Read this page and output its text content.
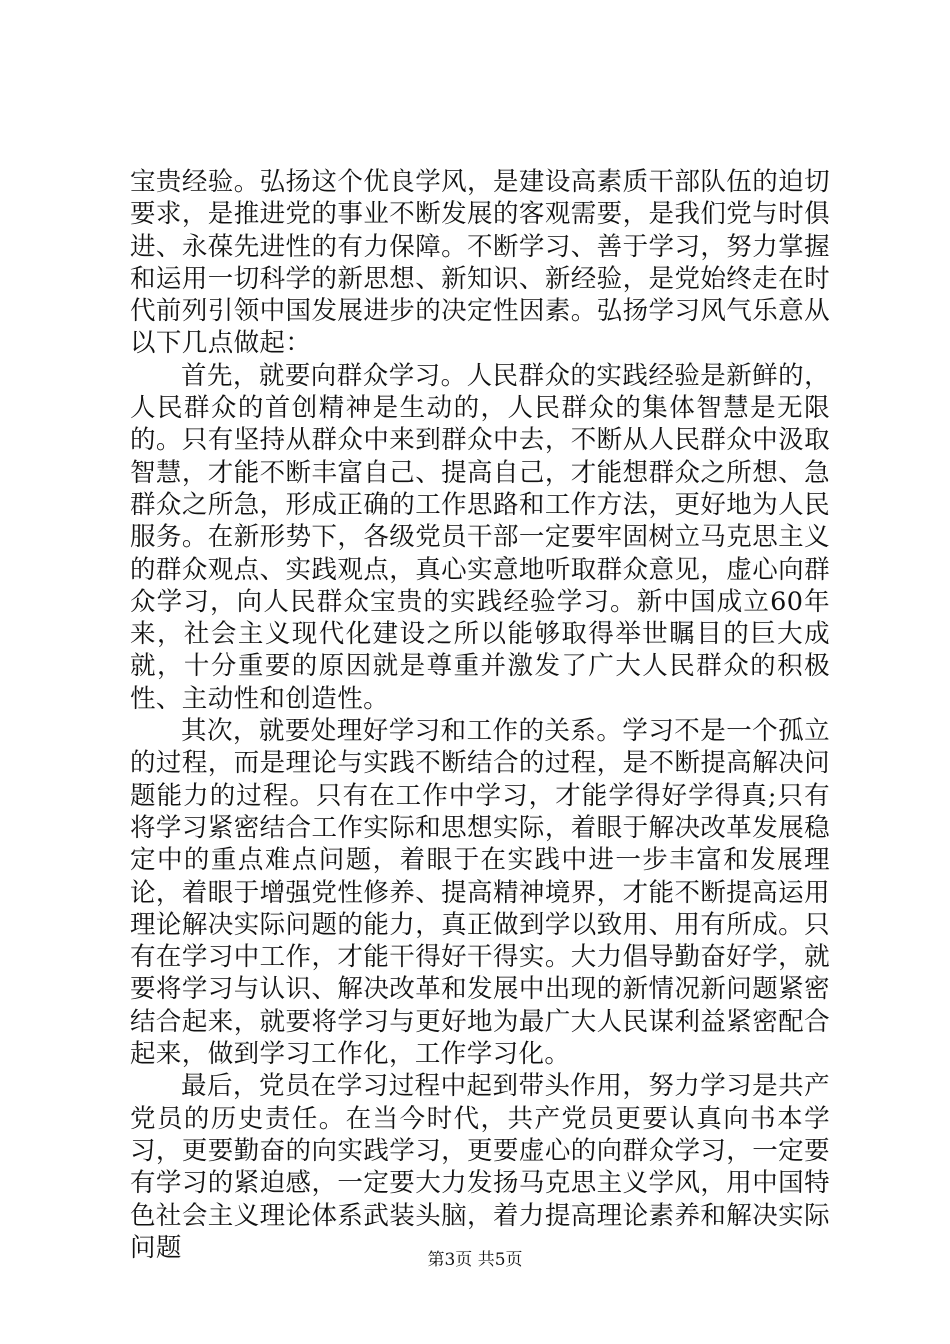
宝贵经验。弘扬这个优良学风，是建设高素质干部队伍的迫切要求，是推进党的事业不断发展的客观需要，是我们党与时俱进、永葆先进性的有力保障。不断学习、善于学习，努力掌握和运用一切科学的新思想、新知识、新经验，是党始终走在时代前列引领中国发展进步的决定性因素。弘扬学习风气乐意从以下几点做起：

首先，就要向群众学习。人民群众的实践经验是新鲜的，人民群众的首创精神是生动的，人民群众的集体智慧是无限的。只有坚持从群众中来到群众中去，不断从人民群众中汲取智慧，才能不断丰富自己、提高自己，才能想群众之所想、急群众之所急，形成正确的工作思路和工作方法，更好地为人民服务。在新形势下，各级党员干部一定要牢固树立马克思主义的群众观点、实践观点，真心实意地听取群众意见，虚心向群众学习，向人民群众宝贵的实践经验学习。新中国成立60年来，社会主义现代化建设之所以能够取得举世瞩目的巨大成就，十分重要的原因就是尊重并激发了广大人民群众的积极性、主动性和创造性。

其次，就要处理好学习和工作的关系。学习不是一个孤立的过程，而是理论与实践不断结合的过程，是不断提高解决问题能力的过程。只有在工作中学习，才能学得好学得真;只有将学习紧密结合工作实际和思想实际，着眼于解决改革发展稳定中的重点难点问题，着眼于在实践中进一步丰富和发展理论，着眼于增强党性修养、提高精神境界，才能不断提高运用理论解决实际问题的能力，真正做到学以致用、用有所成。只有在学习中工作，才能干得好干得实。大力倡导勤奋好学，就要将学习与认识、解决改革和发展中出现的新情况新问题紧密结合起来，就要将学习与更好地为最广大人民谋利益紧密配合起来，做到学习工作化，工作学习化。

最后，党员在学习过程中起到带头作用，努力学习是共产党员的历史责任。在当今时代，共产党员更要认真向书本学习，更要勤奋的向实践学习，更要虚心的向群众学习，一定要有学习的紧迫感，一定要大力发扬马克思主义学风，用中国特色社会主义理论体系武装头脑，着力提高理论素养和解决实际问题	第3页 共5页
